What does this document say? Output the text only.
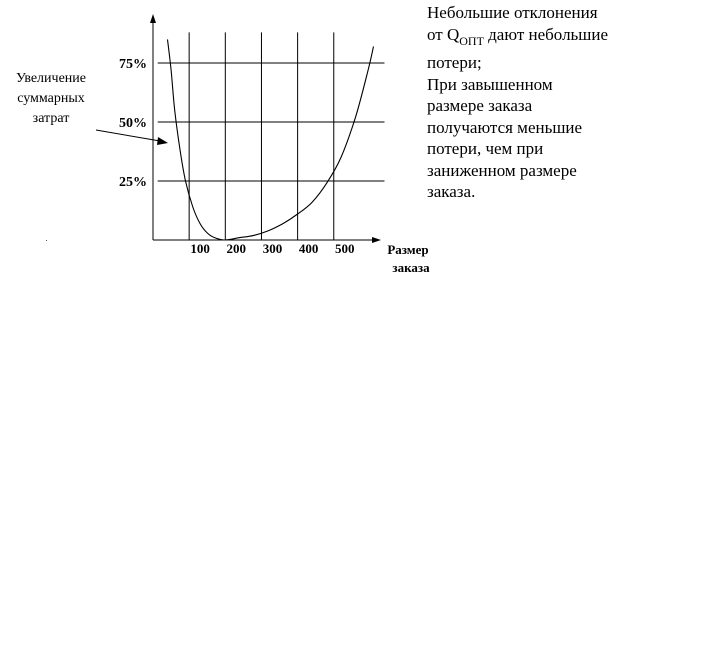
100 200 300 400 500
25%
50%
75%
Увеличение
суммарных
затрат
Размер
заказа
Небольшие отклонения
от $Q_{ОПТ}$ дают небольшие
потери;
При завышенном
размере заказа
получаются меньшие
потери, чем при
заниженном размере
заказа.
